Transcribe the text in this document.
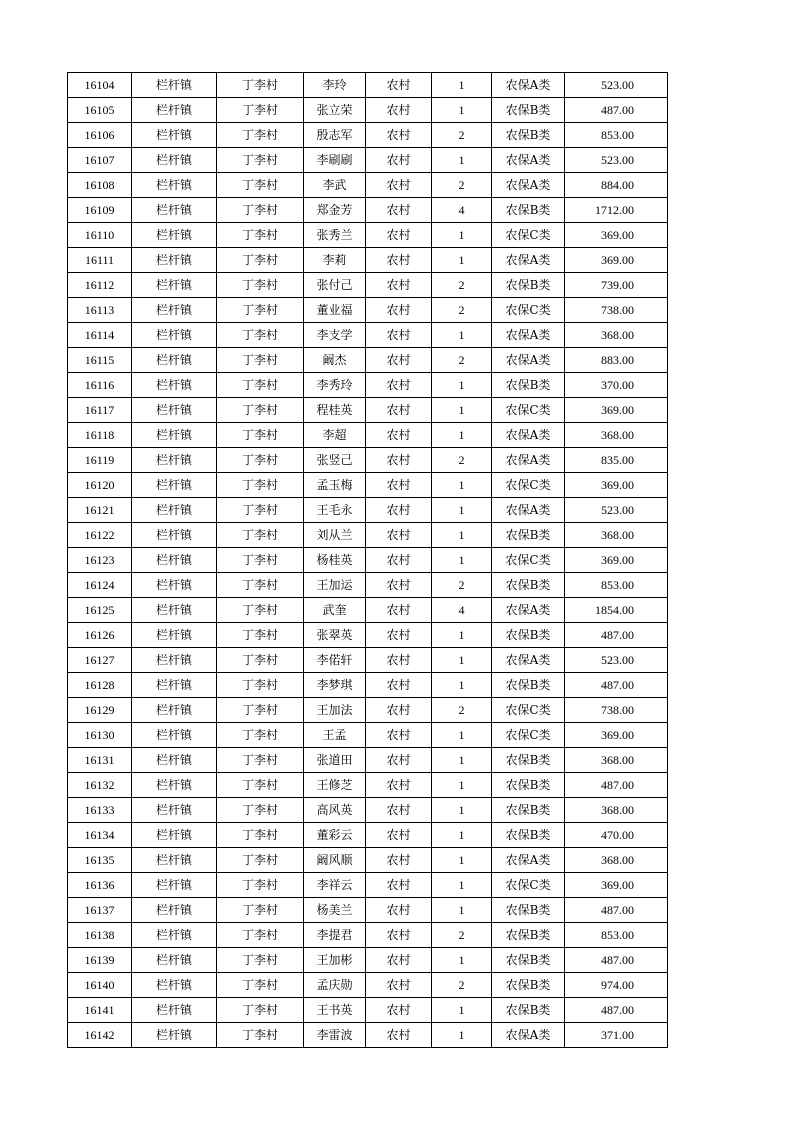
16104	栏杆镇	丁李村	李玲	农村	1	农保A类	523.00
16105	栏杆镇	丁李村	张立荣	农村	1	农保B类	487.00
16106	栏杆镇	丁李村	殷志军	农村	2	农保B类	853.00
16107	栏杆镇	丁李村	李刷刷	农村	1	农保A类	523.00
16108	栏杆镇	丁李村	李武	农村	2	农保A类	884.00
16109	栏杆镇	丁李村	郑金芳	农村	4	农保B类	1712.00
16110	栏杆镇	丁李村	张秀兰	农村	1	农保C类	369.00
16111	栏杆镇	丁李村	李莉	农村	1	农保A类	369.00
16112	栏杆镇	丁李村	张付己	农村	2	农保B类	739.00
16113	栏杆镇	丁李村	董业福	农村	2	农保C类	738.00
16114	栏杆镇	丁李村	李支学	农村	1	农保A类	368.00
16115	栏杆镇	丁李村	阚杰	农村	2	农保A类	883.00
16116	栏杆镇	丁李村	李秀玲	农村	1	农保B类	370.00
16117	栏杆镇	丁李村	程桂英	农村	1	农保C类	369.00
16118	栏杆镇	丁李村	李超	农村	1	农保A类	368.00
16119	栏杆镇	丁李村	张竖己	农村	2	农保A类	835.00
16120	栏杆镇	丁李村	孟玉梅	农村	1	农保C类	369.00
16121	栏杆镇	丁李村	王毛永	农村	1	农保A类	523.00
16122	栏杆镇	丁李村	刘从兰	农村	1	农保B类	368.00
16123	栏杆镇	丁李村	杨桂英	农村	1	农保C类	369.00
16124	栏杆镇	丁李村	王加运	农村	2	农保B类	853.00
16125	栏杆镇	丁李村	武奎	农村	4	农保A类	1854.00
16126	栏杆镇	丁李村	张翠英	农村	1	农保B类	487.00
16127	栏杆镇	丁李村	李偌轩	农村	1	农保A类	523.00
16128	栏杆镇	丁李村	李梦琪	农村	1	农保B类	487.00
16129	栏杆镇	丁李村	王加法	农村	2	农保C类	738.00
16130	栏杆镇	丁李村	王孟	农村	1	农保C类	369.00
16131	栏杆镇	丁李村	张道田	农村	1	农保B类	368.00
16132	栏杆镇	丁李村	王修芝	农村	1	农保B类	487.00
16133	栏杆镇	丁李村	高风英	农村	1	农保B类	368.00
16134	栏杆镇	丁李村	董彩云	农村	1	农保B类	470.00
16135	栏杆镇	丁李村	阚风顺	农村	1	农保A类	368.00
16136	栏杆镇	丁李村	李祥云	农村	1	农保C类	369.00
16137	栏杆镇	丁李村	杨美兰	农村	1	农保B类	487.00
16138	栏杆镇	丁李村	李提君	农村	2	农保B类	853.00
16139	栏杆镇	丁李村	王加彬	农村	1	农保B类	487.00
16140	栏杆镇	丁李村	孟庆勋	农村	2	农保B类	974.00
16141	栏杆镇	丁李村	王书英	农村	1	农保B类	487.00
16142	栏杆镇	丁李村	李雷波	农村	1	农保A类	371.00
